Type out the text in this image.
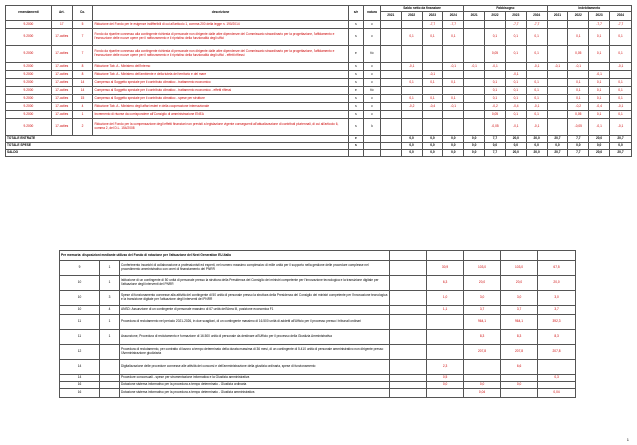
emendamenti	Art.	Co.	descrizione	s/e	natura	Saldo netto da finanziare				Fabbisogno				Indebitamento			
						2021	2022	2023	2024	2021	2022	2023	2024	2021	2022	2023	2024
9.2000	17	5	Riduzione del Fondo per le esigenze indifferibili di cui all'articolo 1, comma 200 della legge n. 190/2014	s	c			-7,7	-7,7			-7,7	-7,7			-7,7	-7,7
9.2000	17-octies	7	Fondo da ripartire connesso alla contingente richiesta di personale non dirigente dalle altre dipendenze del Commissario straordinario per la progettazione, l'affidamento e l'esecuzione delle nuove opere per il rafforzamento e il ripristino della funzionalità degli uffici	s	c		0,1	0,1	0,1		0,1	0,1	0,1		0,1	0,1	0,1
9.2000	17-octies	7	Fondo da ripartire connesso alla contingente richiesta di personale non dirigente dalle altre dipendenze del Commissario straordinario per la progettazione, l'affidamento e l'esecuzione delle nuove opere per il rafforzamento e il ripristino della funzionalità degli uffici - effetti riflessi	e	t/c						0,05	0,1	0,1		0,05	0,1	0,1
9.2000	17-octies	8	Riduzione Tab. A - Ministero dell'Interno	s	c		-0,1		-0,1	-0,1	-0,1		-0,1	-0,1	-0,1		-0,1
9.2000	17-octies	8	Riduzione Tab. A - Ministero dell'ambiente e della tutela del territorio e del mare	s	c			-0,1				-0,1				-0,1	
9.2000	17-octies	14	Compenso al Soggetto speciale per il contributo climatico - trattamento economico	s	c		0,1	0,1	0,1		0,1	0,1	0,1		0,1	0,1	0,1
9.2000	17-octies	14	Compenso al Soggetto speciale per il contributo climatico - trattamento economico - effetti riflessi	e	t/c						0,1	0,1	0,1		0,1	0,1	0,1
9.2000	17-octies	15	Compenso al Soggetto speciale per il contributo climatico - spese per strutture	s	c		0,1	0,1	0,1		0,1	0,1	0,1		0,1	0,1	0,1
9.2000	17-octies	4	Riduzione Tab. A - Ministero degli affari esteri e della cooperazione internazionale	s	c		-0,2	-0,4	-0,1		-0,2	-0,4	-0,1		-0,2	-0,4	-0,1
9.2000	17-octies	1	Incremento di risorse da corrispondere all'Consiglio di amministrazione ENEA	s	c						0,05	0,1	0,1		0,05	0,1	0,1
9.2000	17-octies	2	Riduzione del Fondo per la compensazione degli effetti finanziari non previsti a legislazione vigente conseguenti all'attualizzazione di contributi pluriennali, di cui all'articolo 6, comma 2, del D.L. 154/2008	s	k						-0,05	-0,1	-0,1		-0,05	-0,1	-0,1
TOTALE ENTRATE				e			0,0	0,0	0,0	0,0	7,7	20,0	20,0	20,7	7,7	20,0	20,7
TOTALE SPESE				s			0,0	0,0	0,0	0,0	0,0	0,0	0,0	0,0	0,0	0,0	0,0
SALDO							0,0	0,0	0,0	0,0	7,7	20,0	20,0	20,7	7,7	20,0	20,7
Per memoria: disposizioni mediante utilizzo del Fondo di rotazione per l'attuazione del Next Generation EU-Italia							
9	1	Conferimento incarichi di collaborazione a professionisti ed esperti, nel numero massimo complessivo di mille unità per il supporto nella gestione delle procedure complesse nel procedimento amministrativo con oneri di finanziamento del PNRR		30,9	103,0	103,0	67,5
10	1	Istituzione di un contingente di 50 unità di personale presso la struttura della Presidenza del Consiglio dei ministri competente per l'innovazione tecnologica e la transizione digitale per l'attuazione degli interventi del PNRR		6,3	20,0	20,0	20,0
10	3	Spese di funzionamento connesse alla attività del contingente di 50 unità di personale presso la struttura della Presidenza del Consiglio dei ministri competente per l'innovazione tecnologica e la transizione digitale per l'attuazione degli interventi del PNRR		1,0	3,0	3,0	3,0
10	4	ANSD: Assunzione di un contingente di personale massimo di 67 unità dell'Area III, posizione economica F1		1,1	3,7	3,7	3,7
11	1	Procedura di reclutamento nel periodo 2021-2026, in due scaglioni, di un contingente massimo di 16.500 unità di addetti all'Ufficio per il processo presso i tribunali ordinari			964,1	964,1	392,3
11	1	Assunzione, Procedura di reclutamento e formazione di 16.500 unità di personale da destinare all'Ufficio per il processo della Giustizia Amministrativa			8,3	8,3	8,3
12		Procedura di reclutamento, per contratto di lavoro a tempo determinato della durata massima di 36 mesi, di un contingente di 5.410 unità di personale amministrativo non dirigente presso l'Amministrazione giudiziaria			207,8	207,8	207,8
14		Digitalizzazione delle procedure connesse alle attività dei concorsi e dell'amministrazione della giustizia ordinaria, spese di funzionamento		2,3		6,6	
14		Procedure concorsuali - spese per strumentazione informatica e la Giustizia amministrativa		0,5			0,3
16		Dotazione sistema informativo per la procedura a tempo determinato - Giustizia ordinaria		0,0	0,0	0,0	
16		Dotazione sistema informativo per la procedura a tempo determinato - Giustizia amministrativa			0,04		0,04
1
